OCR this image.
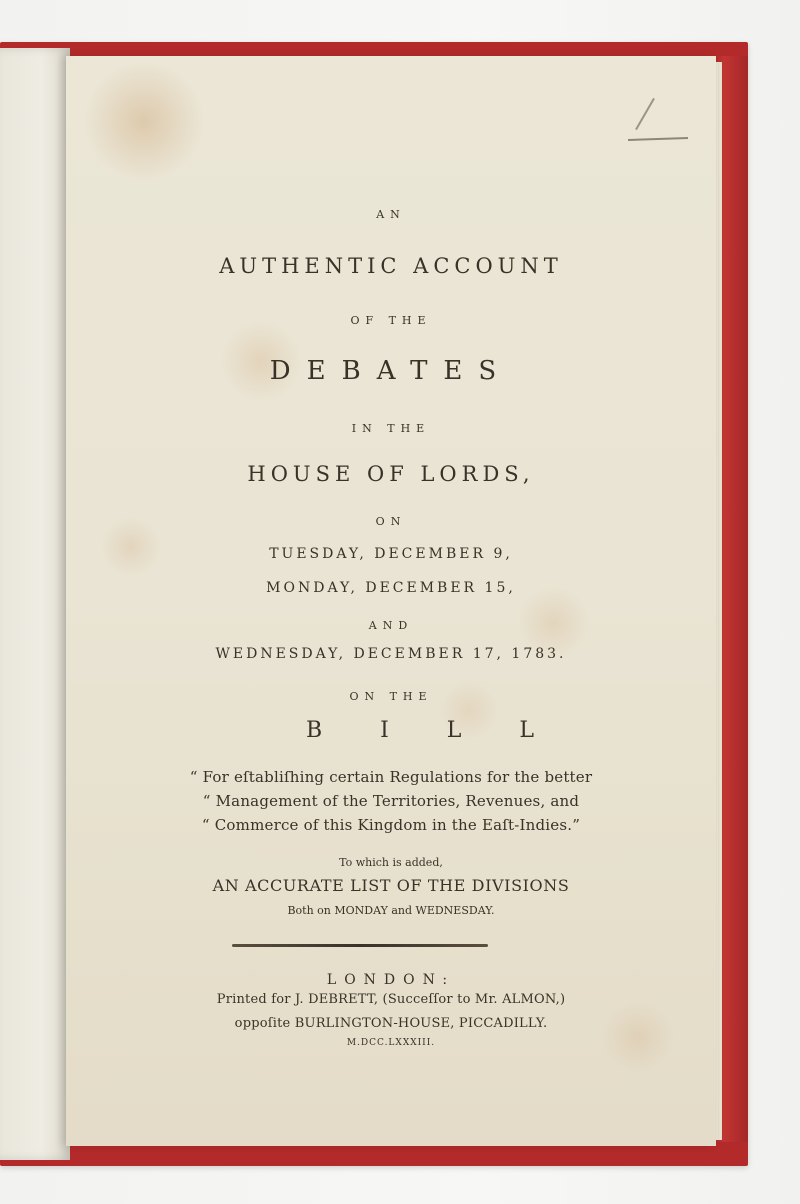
AN

AUTHENTIC ACCOUNT

OF THE

DEBATES

IN THE

HOUSE OF LORDS,

ON

TUESDAY, DECEMBER 9,

MONDAY, DECEMBER 15,

AND

WEDNESDAY, DECEMBER 17, 1783.

ON THE

BILL

“ For eſtabliſhing certain Regulations for the better

“ Management of the Territories, Revenues, and

“ Commerce of this Kingdom in the Eaſt-Indies.”

To which is added,

AN ACCURATE LIST OF THE DIVISIONS

Both on MONDAY and WEDNESDAY.

LONDON:

Printed for J. DEBRETT, (Succeſſor to Mr. ALMON,)

oppoſite BURLINGTON-HOUSE, PICCADILLY.

M.DCC.LXXXIII.
